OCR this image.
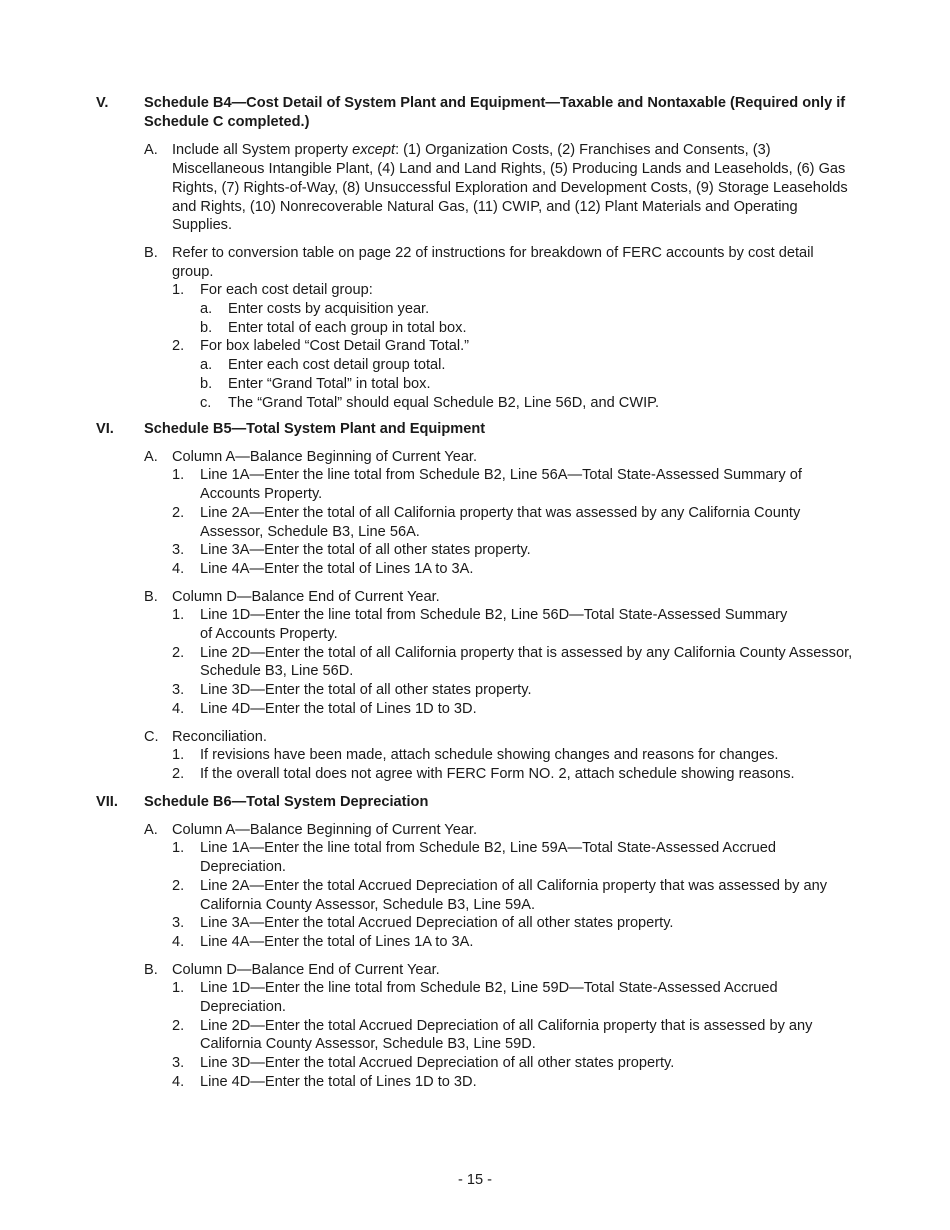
V. Schedule B4—Cost Detail of System Plant and Equipment—Taxable and Nontaxable (Required only if Schedule C completed.)
A. Include all System property except: (1) Organization Costs, (2) Franchises and Consents, (3) Miscellaneous Intangible Plant, (4) Land and Land Rights, (5) Producing Lands and Leaseholds, (6) Gas Rights, (7) Rights-of-Way, (8) Unsuccessful Exploration and Development Costs, (9) Storage Leaseholds and Rights, (10) Nonrecoverable Natural Gas, (11) CWIP, and (12) Plant Materials and Operating Supplies.
B. Refer to conversion table on page 22 of instructions for breakdown of FERC accounts by cost detail group.
1. For each cost detail group:
a. Enter costs by acquisition year.
b. Enter total of each group in total box.
2. For box labeled “Cost Detail Grand Total.”
a. Enter each cost detail group total.
b. Enter “Grand Total” in total box.
c. The “Grand Total” should equal Schedule B2, Line 56D, and CWIP.
VI. Schedule B5—Total System Plant and Equipment
A. Column A—Balance Beginning of Current Year.
1. Line 1A—Enter the line total from Schedule B2, Line 56A—Total State-Assessed Summary of Accounts Property.
2. Line 2A—Enter the total of all California property that was assessed by any California County Assessor, Schedule B3, Line 56A.
3. Line 3A—Enter the total of all other states property.
4. Line 4A—Enter the total of Lines 1A to 3A.
B. Column D—Balance End of Current Year.
1. Line 1D—Enter the line total from Schedule B2, Line 56D—Total State-Assessed Summary of Accounts Property.
2. Line 2D—Enter the total of all California property that is assessed by any California County Assessor, Schedule B3, Line 56D.
3. Line 3D—Enter the total of all other states property.
4. Line 4D—Enter the total of Lines 1D to 3D.
C. Reconciliation.
1. If revisions have been made, attach schedule showing changes and reasons for changes.
2. If the overall total does not agree with FERC Form NO. 2, attach schedule showing reasons.
VII. Schedule B6—Total System Depreciation
A. Column A—Balance Beginning of Current Year.
1. Line 1A—Enter the line total from Schedule B2, Line 59A—Total State-Assessed Accrued Depreciation.
2. Line 2A—Enter the total Accrued Depreciation of all California property that was assessed by any California County Assessor, Schedule B3, Line 59A.
3. Line 3A—Enter the total Accrued Depreciation of all other states property.
4. Line 4A—Enter the total of Lines 1A to 3A.
B. Column D—Balance End of Current Year.
1. Line 1D—Enter the line total from Schedule B2, Line 59D—Total State-Assessed Accrued Depreciation.
2. Line 2D—Enter the total Accrued Depreciation of all California property that is assessed by any California County Assessor, Schedule B3, Line 59D.
3. Line 3D—Enter the total Accrued Depreciation of all other states property.
4. Line 4D—Enter the total of Lines 1D to 3D.
- 15 -
